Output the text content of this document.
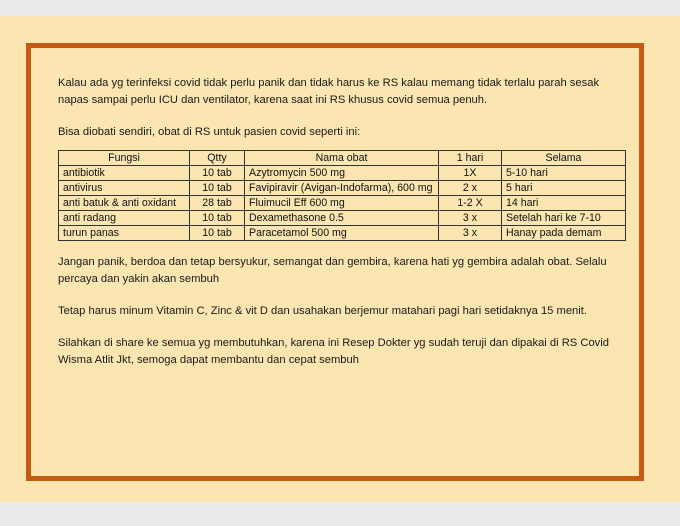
Kalau ada yg terinfeksi covid tidak perlu panik dan tidak harus ke RS kalau memang tidak terlalu parah sesak napas sampai perlu ICU dan ventilator, karena saat ini RS khusus covid semua penuh.

Bisa diobati sendiri, obat di RS untuk pasien covid seperti ini:

Fungsi	Qtty	Nama obat	1 hari	Selama
antibiotik	10 tab	Azytromycin 500 mg	1X	5-10 hari
antivirus	10 tab	Favipiravir (Avigan-Indofarma), 600 mg	2 x	5 hari
anti batuk & anti oxidant	28 tab	Fluimucil Eff 600 mg	1-2 X	14 hari
anti radang	10 tab	Dexamethasone 0.5	3 x	Setelah hari ke 7-10
turun panas	10 tab	Paracetamol 500 mg	3 x	Hanay pada demam

Jangan panik, berdoa dan tetap bersyukur, semangat dan gembira, karena hati yg gembira adalah obat. Selalu percaya dan yakin akan sembuh

Tetap harus minum Vitamin C, Zinc & vit D dan usahakan berjemur matahari pagi hari setidaknya 15 menit.

Silahkan di share ke semua yg membutuhkan, karena ini Resep Dokter yg sudah teruji dan dipakai di RS Covid Wisma Atlit Jkt, semoga dapat membantu dan cepat sembuh
